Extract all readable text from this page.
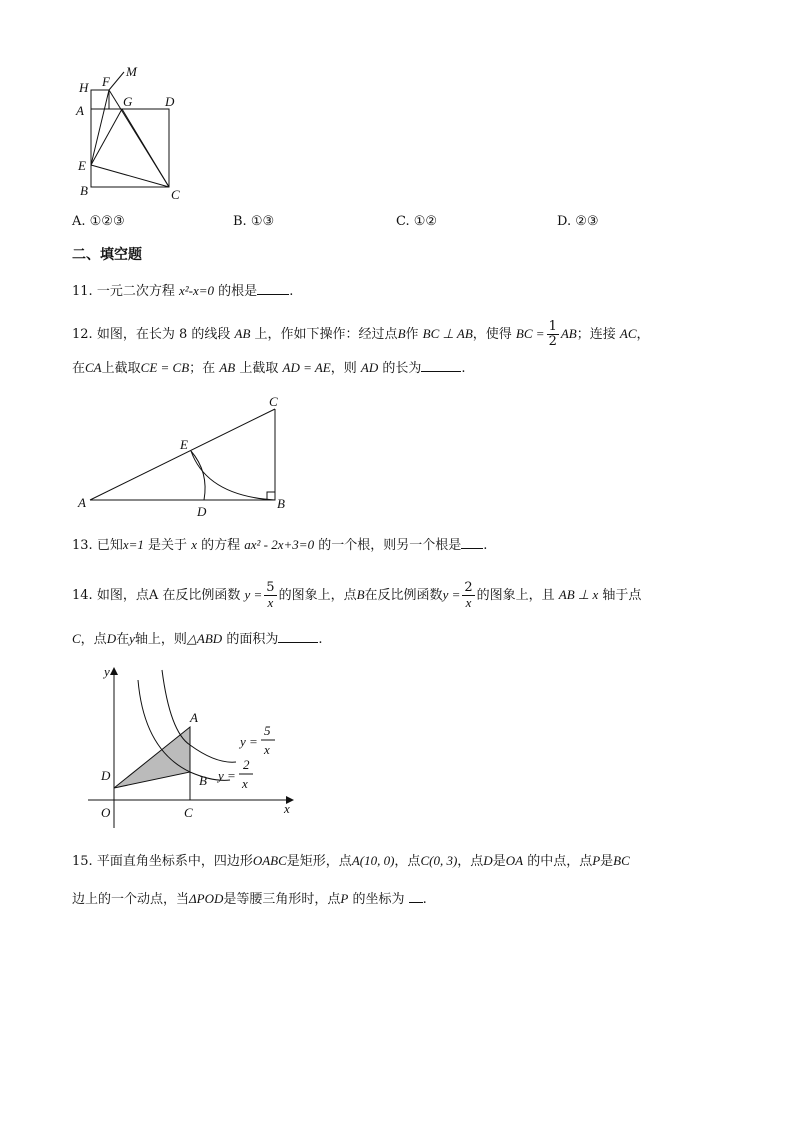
H F
M
A
G	D
E
B	C
A. ①②③	B. ①③	C. ①②	D. ②③
二、填空题
11. 一元二次方程 x²-x=0 的根是 .
12. 如图，在长为 8 的线段 AB 上，作如下操作：经过点B作 BC ⊥ AB，使得 BC = $\frac{1}{2}$ AB；连接 AC，
在CA上截取CE = CB；在 AB 上截取 AD = AE，则 AD 的长为	.
A	B
C
D
E
13. 已知x=1 是关于 x 的方程 ax² - 2x+3=0 的一个根，则另一个根是 .
14. 如图，点A 在反比例函数 $y = \frac{5}{x}$ 的图象上，点B在反比例函数$y = \frac{2}{x}$ 的图象上，且 AB ⊥ x 轴于点
C，点D在y轴上，则△ABD 的面积为	.
y
x
O	C
D
A
B
y =
5
x
y =
2
x
15. 平面直角坐标系中，四边形OABC是矩形，点A(10, 0)，点C(0, 3)，点D是OA 的中点，点P是BC
边上的一个动点，当ΔPOD是等腰三角形时，点P 的坐标为 .
